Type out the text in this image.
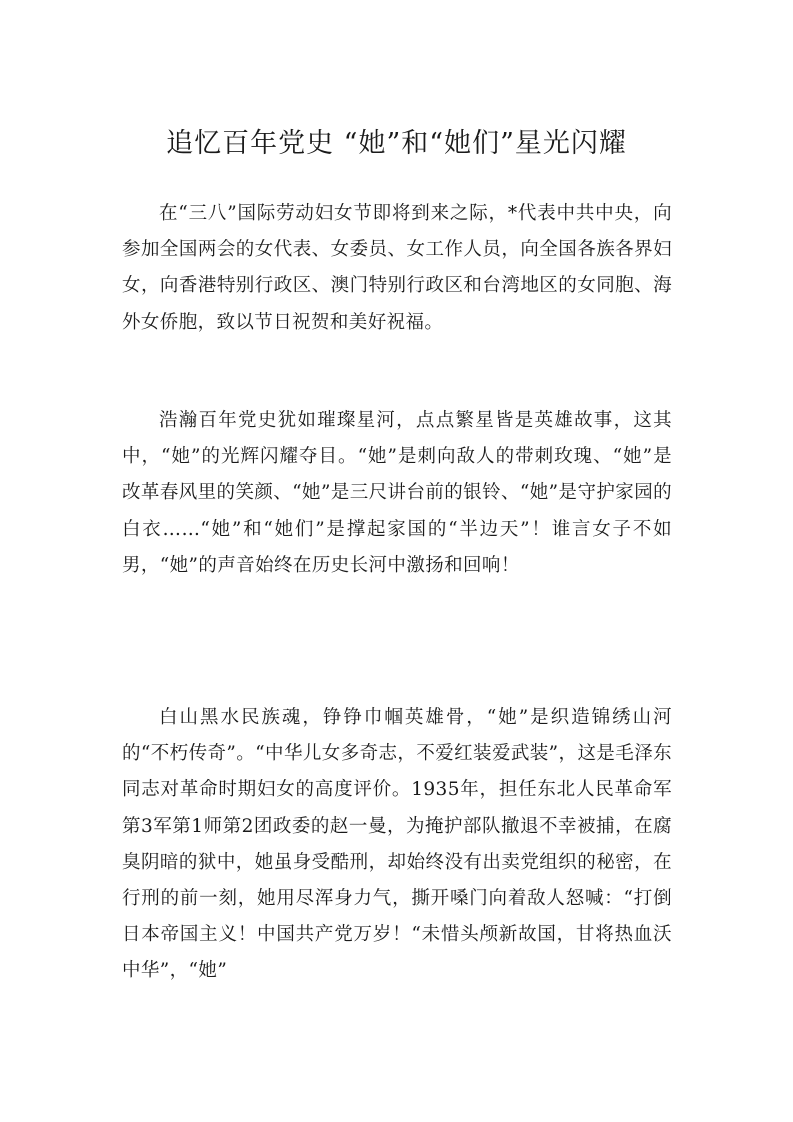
追忆百年党史 “她”和“她们”星光闪耀

在“三八”国际劳动妇女节即将到来之际，*代表中共中央，向参加全国两会的女代表、女委员、女工作人员，向全国各族各界妇女，向香港特别行政区、澳门特别行政区和台湾地区的女同胞、海外女侨胞，致以节日祝贺和美好祝福。

浩瀚百年党史犹如璀璨星河，点点繁星皆是英雄故事，这其中，“她”的光辉闪耀夺目。“她”是刺向敌人的带刺玫瑰、“她”是改革春风里的笑颜、“她”是三尺讲台前的银铃、“她”是守护家园的白衣……“她”和“她们”是撑起家国的“半边天”！谁言女子不如男，“她”的声音始终在历史长河中激扬和回响！

白山黑水民族魂，铮铮巾帼英雄骨，“她”是织造锦绣山河的“不朽传奇”。“中华儿女多奇志，不爱红装爱武装”，这是毛泽东同志对革命时期妇女的高度评价。1935年，担任东北人民革命军第3军第1师第2团政委的赵一曼，为掩护部队撤退不幸被捕，在腐臭阴暗的狱中，她虽身受酷刑，却始终没有出卖党组织的秘密，在行刑的前一刻，她用尽浑身力气，撕开嗓门向着敌人怒喊：“打倒日本帝国主义！中国共产党万岁！“未惜头颅新故国，甘将热血沃中华”，“她”
